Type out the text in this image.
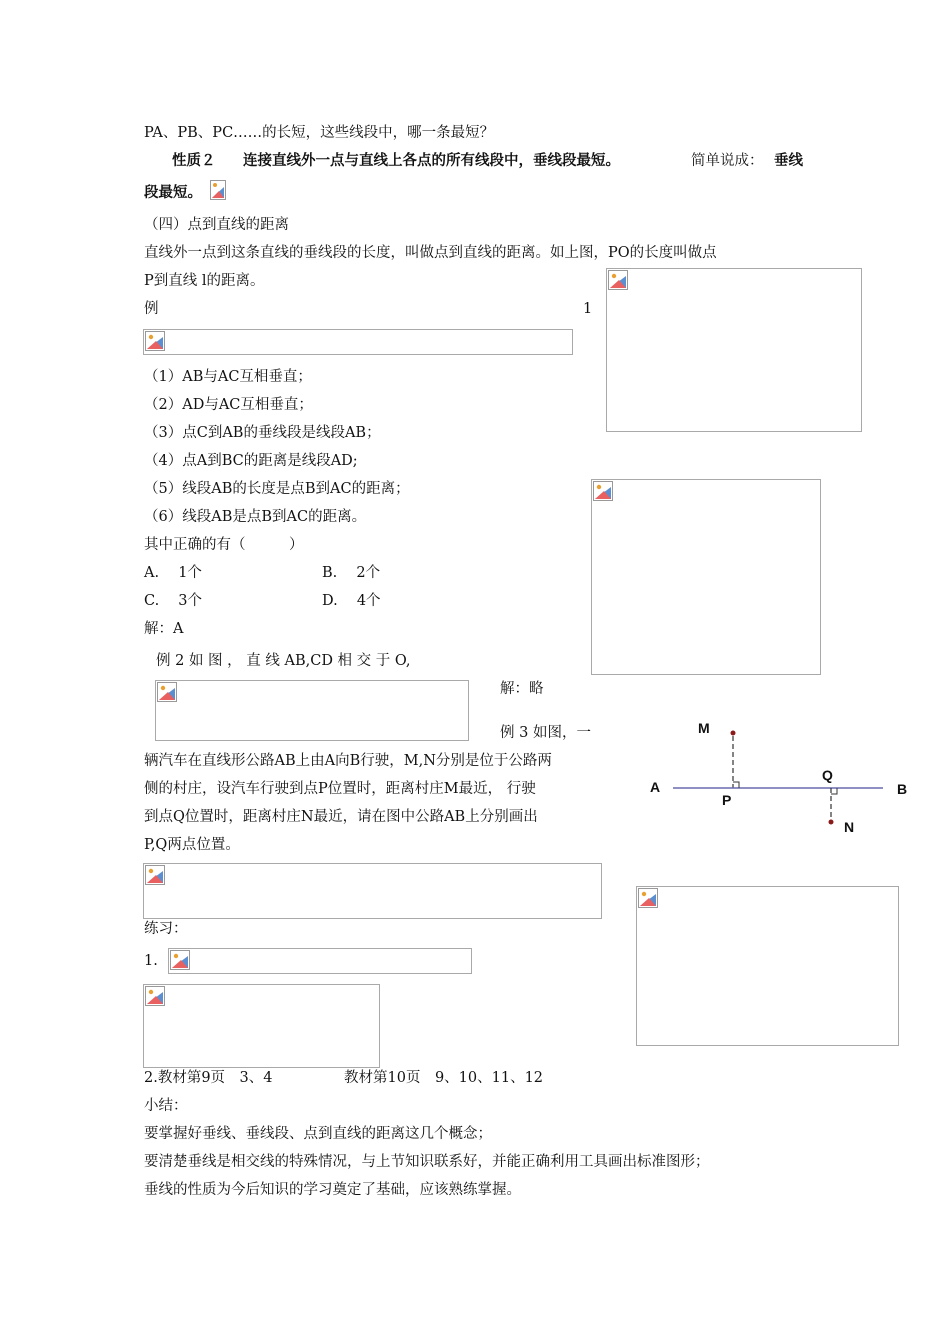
PA、PB、PC……的长短，这些线段中，哪一条最短？
性质２ 连接直线外一点与直线上各点的所有线段中，垂线段最短。	简单说成： 垂线
段最短。
（四）点到直线的距离
直线外一点到这条直线的垂线段的长度，叫做点到直线的距离。如上图，PO的长度叫做点
P到直线 l的距离。
例	1
（1）AB与AC互相垂直；
（2）AD与AC互相垂直；
（3）点C到AB的垂线段是线段AB；
（4）点A到BC的距离是线段AD;
（5）线段AB的长度是点B到AC的距离；
（6）线段AB是点B到AC的距离。
其中正确的有（　　　）
A.　 1个	B.　 2个
C.　 3个	D.　 4个
解：A
例 2 如 图 ， 直 线 AB,CD 相 交 于 O,
解：略
例 3 如图，一	M
A	B
P
Q
N
辆汽车在直线形公路AB上由A向B行驶，M,N分别是位于公路两
侧的村庄，设汽车行驶到点P位置时，距离村庄M最近， 行驶
到点Q位置时，距离村庄N最近，请在图中公路AB上分别画出
P,Q两点位置。
练习：
1.
2.教材第9页　3、4	教材第10页　9、10、11、12
小结：
要掌握好垂线、垂线段、点到直线的距离这几个概念；
要清楚垂线是相交线的特殊情况，与上节知识联系好，并能正确利用工具画出标准图形；
垂线的性质为今后知识的学习奠定了基础，应该熟练掌握。
